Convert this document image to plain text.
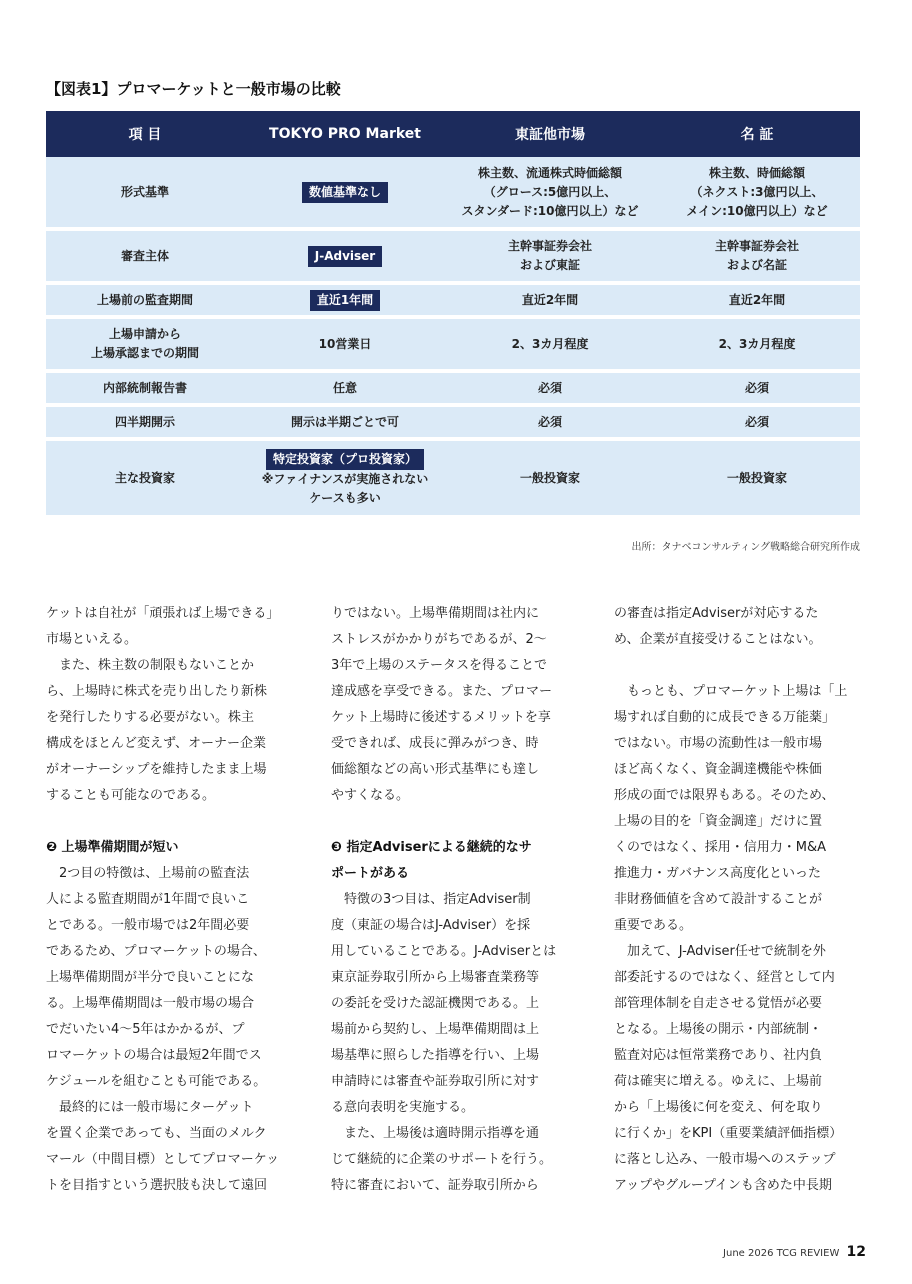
【図表1】プロマーケットと一般市場の比較
項 目	TOKYO PRO Market	東証他市場	名 証
形式基準	数値基準なし	株主数、流通株式時価総額
（グロース:5億円以上、
スタンダード:10億円以上）など	株主数、時価総額
（ネクスト:3億円以上、
メイン:10億円以上）など
審査主体	J-Adviser	主幹事証券会社
および東証	主幹事証券会社
および名証
上場前の監査期間	直近1年間	直近2年間	直近2年間
上場申請から
上場承認までの期間	10営業日	2、3カ月程度	2、3カ月程度
内部統制報告書	任意	必須	必須
四半期開示	開示は半期ごとで可	必須	必須
主な投資家	特定投資家（プロ投資家）
※ファイナンスが実施されない
ケースも多い	一般投資家	一般投資家
出所：タナベコンサルティング戦略総合研究所作成

ケットは自社が「頑張れば上場できる」
市場といえる。

　また、株主数の制限もないことか
ら、上場時に株式を売り出したり新株
を発行したりする必要がない。株主
構成をほとんど変えず、オーナー企業
がオーナーシップを維持したまま上場
することも可能なのである。

❷ 上場準備期間が短い

　2つ目の特徴は、上場前の監査法
人による監査期間が1年間で良いこ
とである。一般市場では2年間必要
であるため、プロマーケットの場合、
上場準備期間が半分で良いことにな
る。上場準備期間は一般市場の場合
でだいたい4～5年はかかるが、プ
ロマーケットの場合は最短2年間でス
ケジュールを組むことも可能である。

　最終的には一般市場にターゲット
を置く企業であっても、当面のメルク
マール（中間目標）としてプロマーケッ
トを目指すという選択肢も決して遠回

りではない。上場準備期間は社内に
ストレスがかかりがちであるが、2～
3年で上場のステータスを得ることで
達成感を享受できる。また、プロマー
ケット上場時に後述するメリットを享
受できれば、成長に弾みがつき、時
価総額などの高い形式基準にも達し
やすくなる。

❸ 指定Adviserによる継続的なサ
ポートがある

　特徴の3つ目は、指定Adviser制
度（東証の場合はJ-Adviser）を採
用していることである。J-Adviserとは
東京証券取引所から上場審査業務等
の委託を受けた認証機関である。上
場前から契約し、上場準備期間は上
場基準に照らした指導を行い、上場
申請時には審査や証券取引所に対す
る意向表明を実施する。

　また、上場後は適時開示指導を通
じて継続的に企業のサポートを行う。
特に審査において、証券取引所から

の審査は指定Adviserが対応するた
め、企業が直接受けることはない。

　もっとも、プロマーケット上場は「上
場すれば自動的に成長できる万能薬」
ではない。市場の流動性は一般市場
ほど高くなく、資金調達機能や株価
形成の面では限界もある。そのため、
上場の目的を「資金調達」だけに置
くのではなく、採用・信用力・M&A
推進力・ガバナンス高度化といった
非財務価値を含めて設計することが
重要である。

　加えて、J-Adviser任せで統制を外
部委託するのではなく、経営として内
部管理体制を自走させる覚悟が必要
となる。上場後の開示・内部統制・
監査対応は恒常業務であり、社内負
荷は確実に増える。ゆえに、上場前
から「上場後に何を変え、何を取り
に行くか」をKPI（重要業績評価指標）
に落とし込み、一般市場へのステップ
アップやグループインも含めた中長期

June 2026 TCG REVIEW 12
